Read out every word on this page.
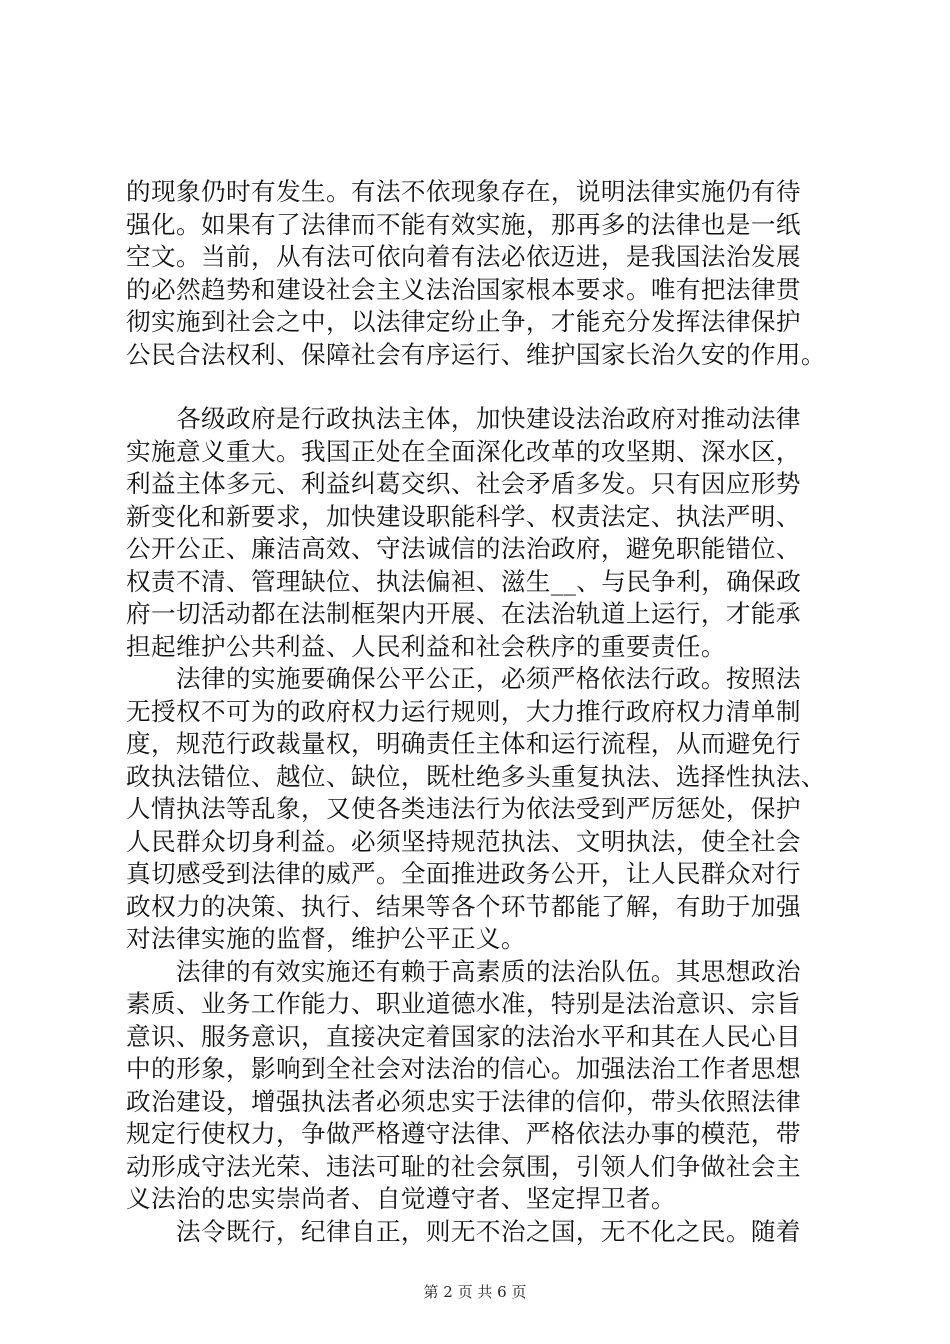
的现象仍时有发生。有法不依现象存在，说明法律实施仍有待
强化。如果有了法律而不能有效实施，那再多的法律也是一纸
空文。当前，从有法可依向着有法必依迈进，是我国法治发展
的必然趋势和建设社会主义法治国家根本要求。唯有把法律贯
彻实施到社会之中，以法律定纷止争，才能充分发挥法律保护
公民合法权利、保障社会有序运行、维护国家长治久安的作用。
　　各级政府是行政执法主体，加快建设法治政府对推动法律
实施意义重大。我国正处在全面深化改革的攻坚期、深水区，
利益主体多元、利益纠葛交织、社会矛盾多发。只有因应形势
新变化和新要求，加快建设职能科学、权责法定、执法严明、
公开公正、廉洁高效、守法诚信的法治政府，避免职能错位、
权责不清、管理缺位、执法偏袒、滋生__、与民争利，确保政
府一切活动都在法制框架内开展、在法治轨道上运行，才能承
担起维护公共利益、人民利益和社会秩序的重要责任。
　　法律的实施要确保公平公正，必须严格依法行政。按照法
无授权不可为的政府权力运行规则，大力推行政府权力清单制
度，规范行政裁量权，明确责任主体和运行流程，从而避免行
政执法错位、越位、缺位，既杜绝多头重复执法、选择性执法、
人情执法等乱象，又使各类违法行为依法受到严厉惩处，保护
人民群众切身利益。必须坚持规范执法、文明执法，使全社会
真切感受到法律的威严。全面推进政务公开，让人民群众对行
政权力的决策、执行、结果等各个环节都能了解，有助于加强
对法律实施的监督，维护公平正义。
　　法律的有效实施还有赖于高素质的法治队伍。其思想政治
素质、业务工作能力、职业道德水准，特别是法治意识、宗旨
意识、服务意识，直接决定着国家的法治水平和其在人民心目
中的形象，影响到全社会对法治的信心。加强法治工作者思想
政治建设，增强执法者必须忠实于法律的信仰，带头依照法律
规定行使权力，争做严格遵守法律、严格依法办事的模范，带
动形成守法光荣、违法可耻的社会氛围，引领人们争做社会主
义法治的忠实崇尚者、自觉遵守者、坚定捍卫者。
　　法令既行，纪律自正，则无不治之国，无不化之民。随着
第 2 页 共 6 页
